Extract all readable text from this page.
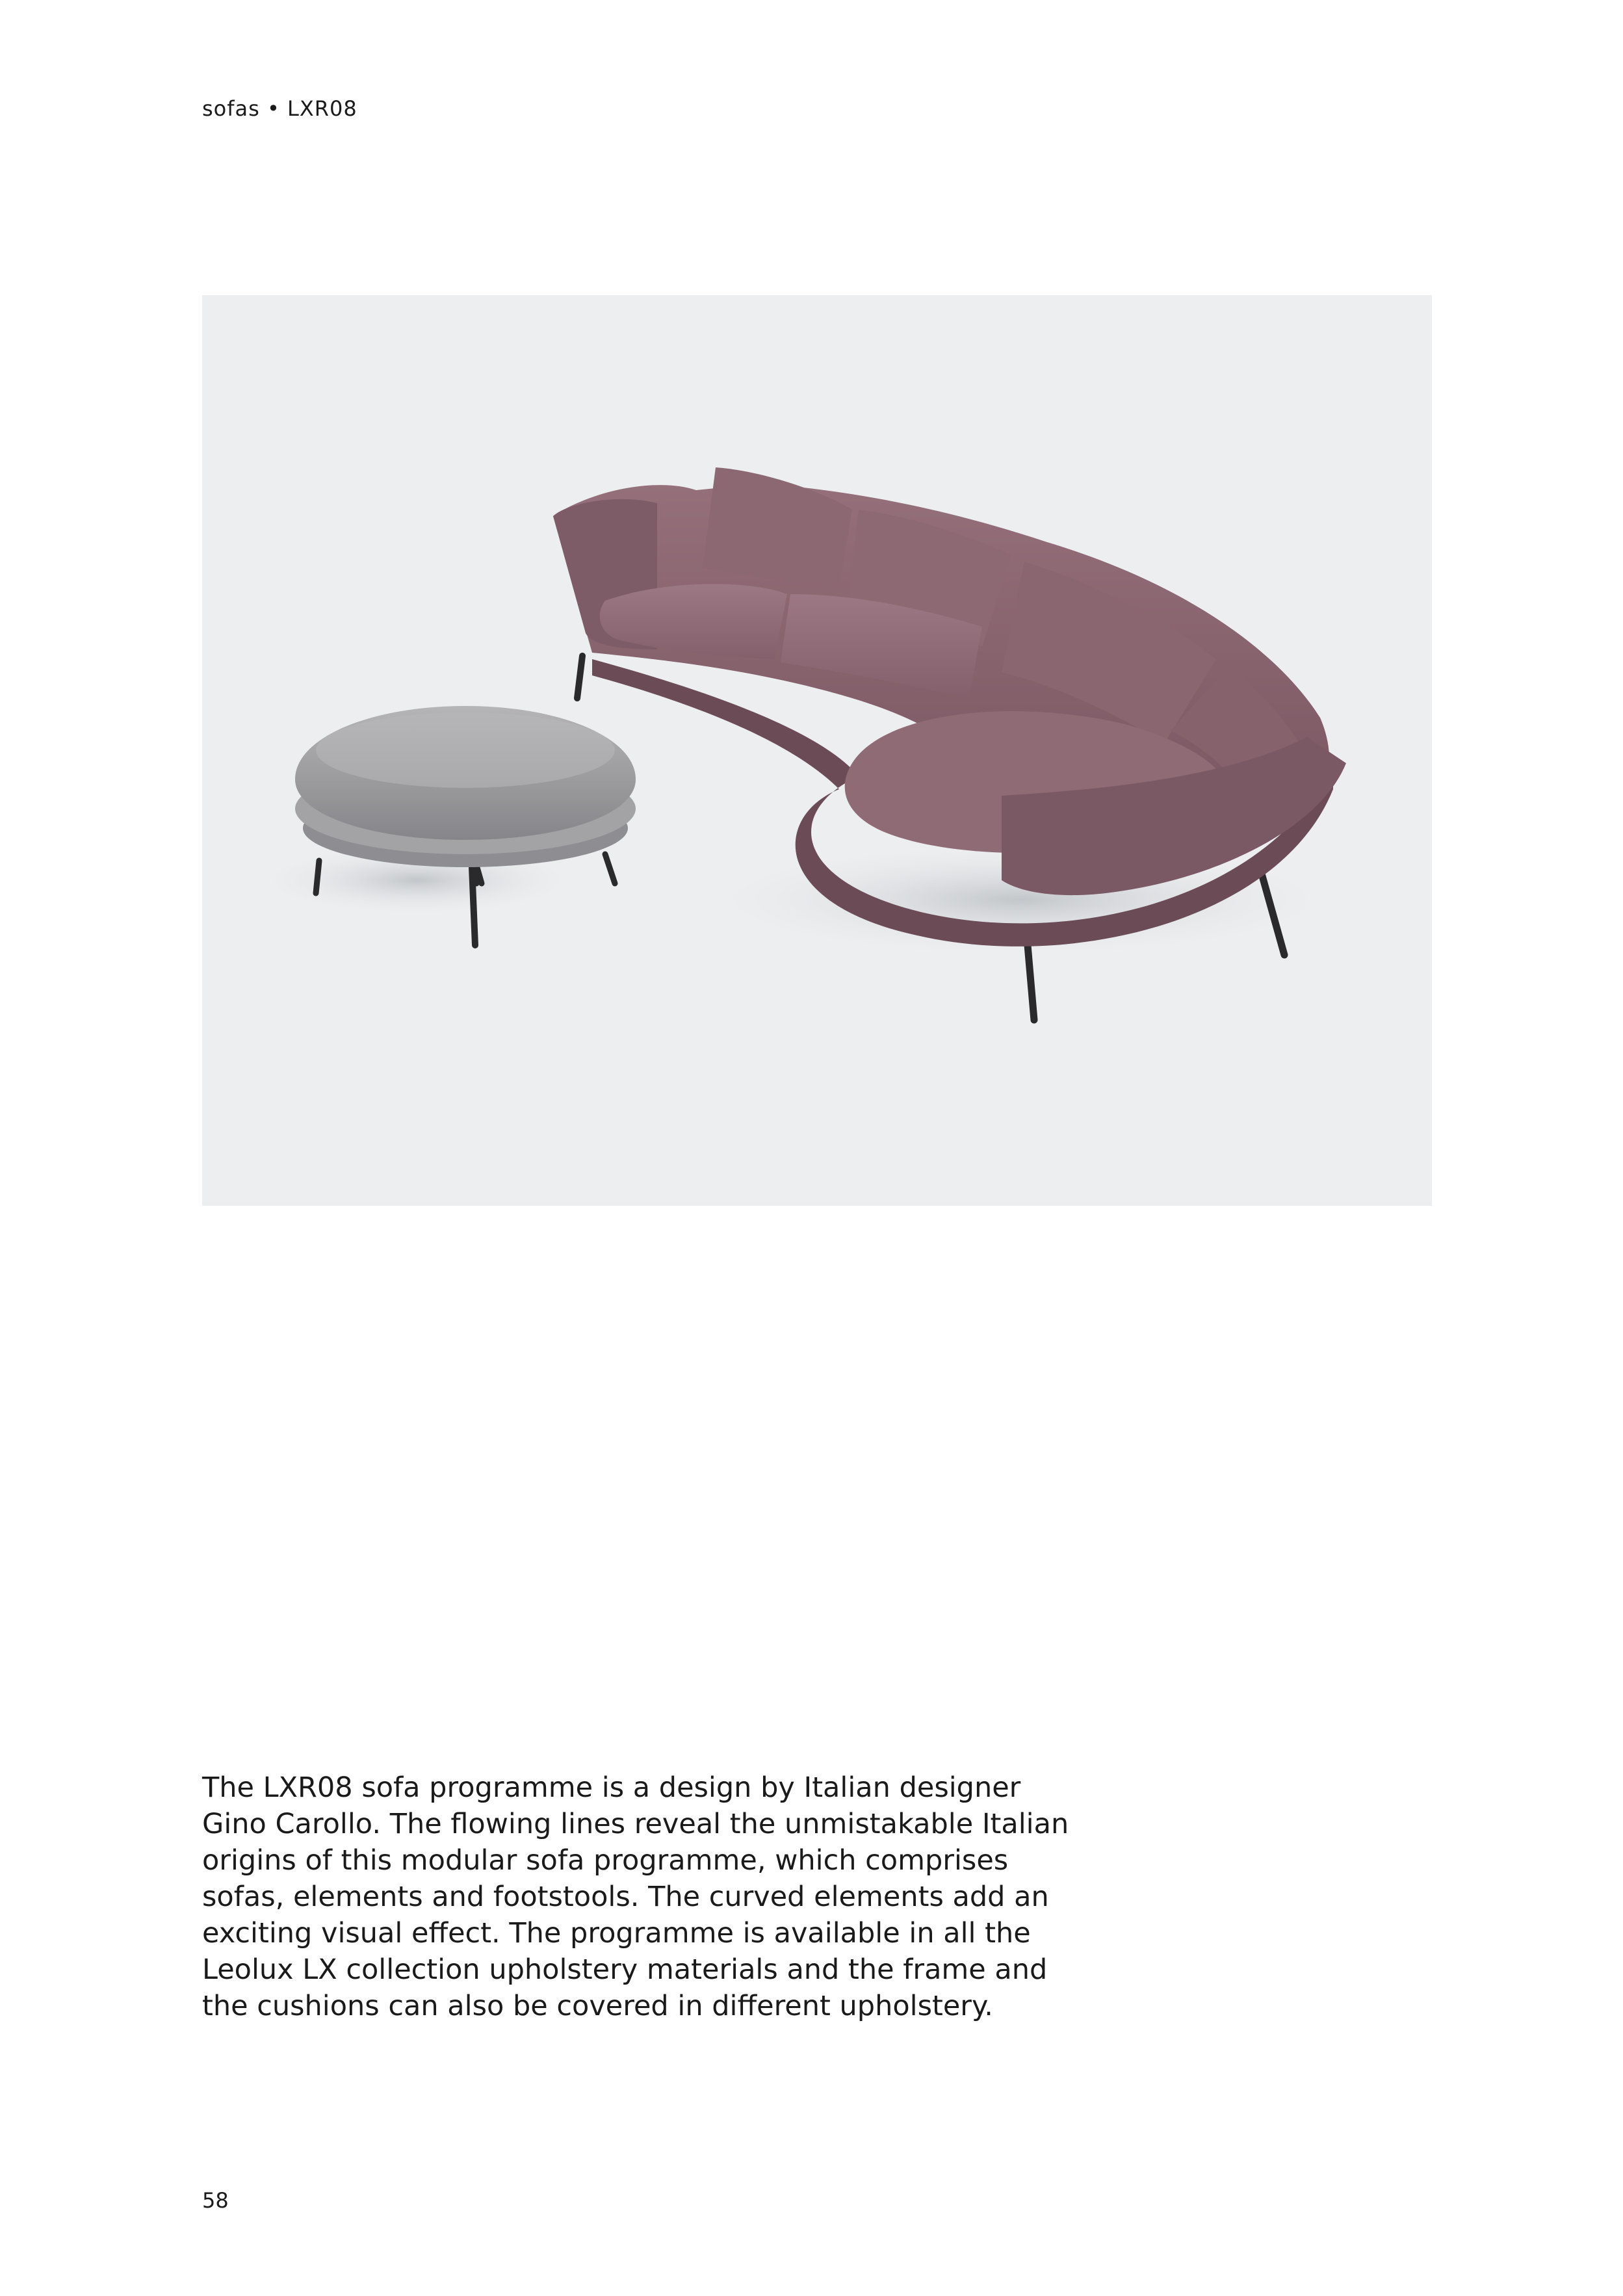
sofas • LXR08
The LXR08 sofa programme is a design by Italian designer
Gino Carollo. The flowing lines reveal the unmistakable Italian
origins of this modular sofa programme, which comprises
sofas, elements and footstools. The curved elements add an
exciting visual effect. The programme is available in all the
Leolux LX collection upholstery materials and the frame and
the cushions can also be covered in different upholstery.
58
